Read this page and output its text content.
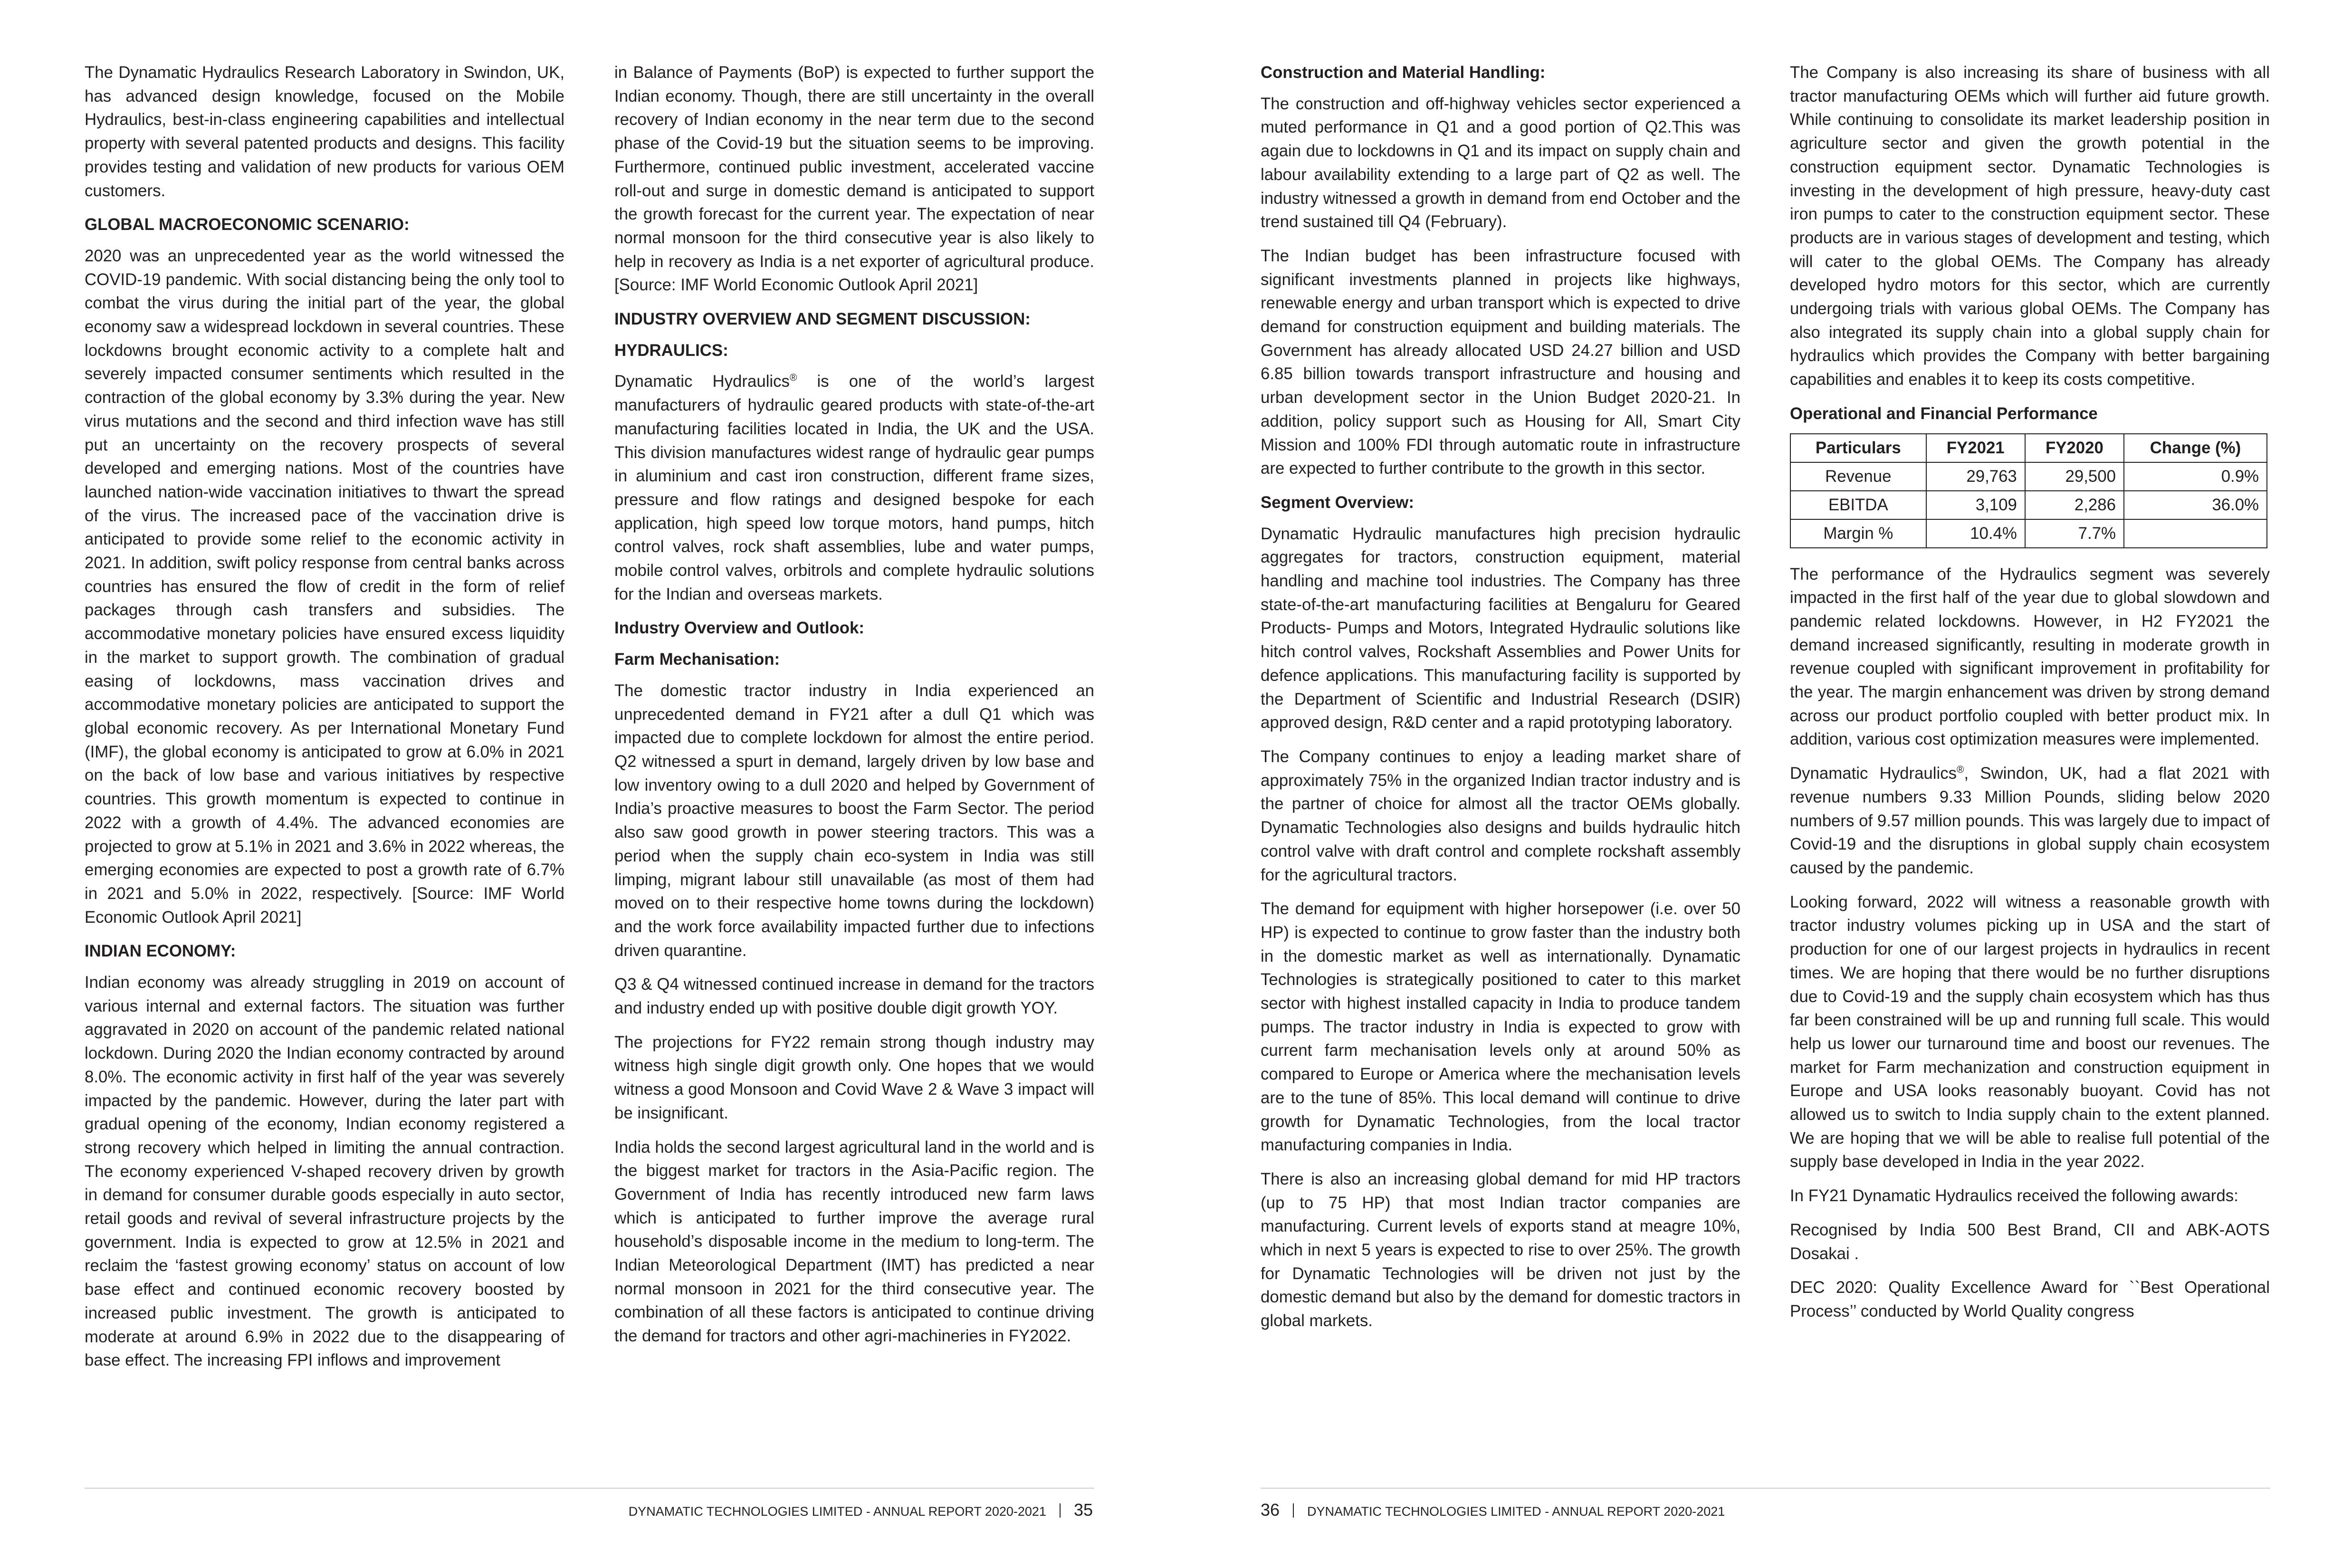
The Dynamatic Hydraulics Research Laboratory in Swindon, UK, has advanced design knowledge, focused on the Mobile Hydraulics, best-in-class engineering capabilities and intellectual property with several patented products and designs. This facility provides testing and validation of new products for various OEM customers.

GLOBAL MACROECONOMIC SCENARIO:

2020 was an unprecedented year as the world witnessed the COVID-19 pandemic. With social distancing being the only tool to combat the virus during the initial part of the year, the global economy saw a widespread lockdown in several countries. These lockdowns brought economic activity to a complete halt and severely impacted consumer sentiments which resulted in the contraction of the global economy by 3.3% during the year. New virus mutations and the second and third infection wave has still put an uncertainty on the recovery prospects of several developed and emerging nations. Most of the countries have launched nation-wide vaccination initiatives to thwart the spread of the virus. The increased pace of the vaccination drive is anticipated to provide some relief to the economic activity in 2021. In addition, swift policy response from central banks across countries has ensured the flow of credit in the form of relief packages through cash transfers and subsidies. The accommodative monetary policies have ensured excess liquidity in the market to support growth. The combination of gradual easing of lockdowns, mass vaccination drives and accommodative monetary policies are anticipated to support the global economic recovery. As per International Monetary Fund (IMF), the global economy is anticipated to grow at 6.0% in 2021 on the back of low base and various initiatives by respective countries. This growth momentum is expected to continue in 2022 with a growth of 4.4%. The advanced economies are projected to grow at 5.1% in 2021 and 3.6% in 2022 whereas, the emerging economies are expected to post a growth rate of 6.7% in 2021 and 5.0% in 2022, respectively. [Source: IMF World Economic Outlook April 2021]

INDIAN ECONOMY:

Indian economy was already struggling in 2019 on account of various internal and external factors. The situation was further aggravated in 2020 on account of the pandemic related national lockdown. During 2020 the Indian economy contracted by around 8.0%. The economic activity in first half of the year was severely impacted by the pandemic. However, during the later part with gradual opening of the economy, Indian economy registered a strong recovery which helped in limiting the annual contraction. The economy experienced V-shaped recovery driven by growth in demand for consumer durable goods especially in auto sector, retail goods and revival of several infrastructure projects by the government. India is expected to grow at 12.5% in 2021 and reclaim the ‘fastest growing economy’ status on account of low base effect and continued economic recovery boosted by increased public investment. The growth is anticipated to moderate at around 6.9% in 2022 due to the disappearing of base effect. The increasing FPI inflows and improvement

in Balance of Payments (BoP) is expected to further support the Indian economy. Though, there are still uncertainty in the overall recovery of Indian economy in the near term due to the second phase of the Covid-19 but the situation seems to be improving. Furthermore, continued public investment, accelerated vaccine roll-out and surge in domestic demand is anticipated to support the growth forecast for the current year. The expectation of near normal monsoon for the third consecutive year is also likely to help in recovery as India is a net exporter of agricultural produce. [Source: IMF World Economic Outlook April 2021]

INDUSTRY OVERVIEW AND SEGMENT DISCUSSION:
HYDRAULICS:

Dynamatic Hydraulics® is one of the world’s largest manufacturers of hydraulic geared products with state-of-the-art manufacturing facilities located in India, the UK and the USA. This division manufactures widest range of hydraulic gear pumps in aluminium and cast iron construction, different frame sizes, pressure and flow ratings and designed bespoke for each application, high speed low torque motors, hand pumps, hitch control valves, rock shaft assemblies, lube and water pumps, mobile control valves, orbitrols and complete hydraulic solutions for the Indian and overseas markets.

Industry Overview and Outlook:
Farm Mechanisation:

The domestic tractor industry in India experienced an unprecedented demand in FY21 after a dull Q1 which was impacted due to complete lockdown for almost the entire period. Q2 witnessed a spurt in demand, largely driven by low base and low inventory owing to a dull 2020 and helped by Government of India’s proactive measures to boost the Farm Sector. The period also saw good growth in power steering tractors. This was a period when the supply chain eco-system in India was still limping, migrant labour still unavailable (as most of them had moved on to their respective home towns during the lockdown) and the work force availability impacted further due to infections driven quarantine.

Q3 & Q4 witnessed continued increase in demand for the tractors and industry ended up with positive double digit growth YOY.

The projections for FY22 remain strong though industry may witness high single digit growth only. One hopes that we would witness a good Monsoon and Covid Wave 2 & Wave 3 impact will be insignificant.

India holds the second largest agricultural land in the world and is the biggest market for tractors in the Asia-Pacific region. The Government of India has recently introduced new farm laws which is anticipated to further improve the average rural household’s disposable income in the medium to long-term. The Indian Meteorological Department (IMT) has predicted a near normal monsoon in 2021 for the third consecutive year. The combination of all these factors is anticipated to continue driving the demand for tractors and other agri-machineries in FY2022.

Construction and Material Handling:

The construction and off-highway vehicles sector experienced a muted performance in Q1 and a good portion of Q2.This was again due to lockdowns in Q1 and its impact on supply chain and labour availability extending to a large part of Q2 as well. The industry witnessed a growth in demand from end October and the trend sustained till Q4 (February).

The Indian budget has been infrastructure focused with significant investments planned in projects like highways, renewable energy and urban transport which is expected to drive demand for construction equipment and building materials. The Government has already allocated USD 24.27 billion and USD 6.85 billion towards transport infrastructure and housing and urban development sector in the Union Budget 2020-21. In addition, policy support such as Housing for All, Smart City Mission and 100% FDI through automatic route in infrastructure are expected to further contribute to the growth in this sector.

Segment Overview:

Dynamatic Hydraulic manufactures high precision hydraulic aggregates for tractors, construction equipment, material handling and machine tool industries. The Company has three state-of-the-art manufacturing facilities at Bengaluru for Geared Products- Pumps and Motors, Integrated Hydraulic solutions like hitch control valves, Rockshaft Assemblies and Power Units for defence applications. This manufacturing facility is supported by the Department of Scientific and Industrial Research (DSIR) approved design, R&D center and a rapid prototyping laboratory.

The Company continues to enjoy a leading market share of approximately 75% in the organized Indian tractor industry and is the partner of choice for almost all the tractor OEMs globally. Dynamatic Technologies also designs and builds hydraulic hitch control valve with draft control and complete rockshaft assembly for the agricultural tractors.

The demand for equipment with higher horsepower (i.e. over 50 HP) is expected to continue to grow faster than the industry both in the domestic market as well as internationally. Dynamatic Technologies is strategically positioned to cater to this market sector with highest installed capacity in India to produce tandem pumps. The tractor industry in India is expected to grow with current farm mechanisation levels only at around 50% as compared to Europe or America where the mechanisation levels are to the tune of 85%. This local demand will continue to drive growth for Dynamatic Technologies, from the local tractor manufacturing companies in India.

There is also an increasing global demand for mid HP tractors (up to 75 HP) that most Indian tractor companies are manufacturing. Current levels of exports stand at meagre 10%, which in next 5 years is expected to rise to over 25%. The growth for Dynamatic Technologies will be driven not just by the domestic demand but also by the demand for domestic tractors in global markets.

The Company is also increasing its share of business with all tractor manufacturing OEMs which will further aid future growth. While continuing to consolidate its market leadership position in agriculture sector and given the growth potential in the construction equipment sector. Dynamatic Technologies is investing in the development of high pressure, heavy-duty cast iron pumps to cater to the construction equipment sector. These products are in various stages of development and testing, which will cater to the global OEMs. The Company has already developed hydro motors for this sector, which are currently undergoing trials with various global OEMs. The Company has also integrated its supply chain into a global supply chain for hydraulics which provides the Company with better bargaining capabilities and enables it to keep its costs competitive.

Operational and Financial Performance
Particulars	FY2021	FY2020	Change (%)
Revenue	29,763	29,500	0.9%
EBITDA	3,109	2,286	36.0%
Margin %	10.4%	7.7%	

The performance of the Hydraulics segment was severely impacted in the first half of the year due to global slowdown and pandemic related lockdowns. However, in H2 FY2021 the demand increased significantly, resulting in moderate growth in revenue coupled with significant improvement in profitability for the year. The margin enhancement was driven by strong demand across our product portfolio coupled with better product mix. In addition, various cost optimization measures were implemented.

Dynamatic Hydraulics®, Swindon, UK, had a flat 2021 with revenue numbers 9.33 Million Pounds, sliding below 2020 numbers of 9.57 million pounds. This was largely due to impact of Covid-19 and the disruptions in global supply chain ecosystem caused by the pandemic.

Looking forward, 2022 will witness a reasonable growth with tractor industry volumes picking up in USA and the start of production for one of our largest projects in hydraulics in recent times. We are hoping that there would be no further disruptions due to Covid-19 and the supply chain ecosystem which has thus far been constrained will be up and running full scale. This would help us lower our turnaround time and boost our revenues. The market for Farm mechanization and construction equipment in Europe and USA looks reasonably buoyant. Covid has not allowed us to switch to India supply chain to the extent planned. We are hoping that we will be able to realise full potential of the supply base developed in India in the year 2022.

In FY21 Dynamatic Hydraulics received the following awards:

Recognised by India 500 Best Brand, CII and ABK-AOTS Dosakai .

DEC 2020: Quality Excellence Award for ``Best Operational Process’’ conducted by World Quality congress

DYNAMATIC TECHNOLOGIES LIMITED - ANNUAL REPORT 2020-2021 35	36 DYNAMATIC TECHNOLOGIES LIMITED - ANNUAL REPORT 2020-2021
